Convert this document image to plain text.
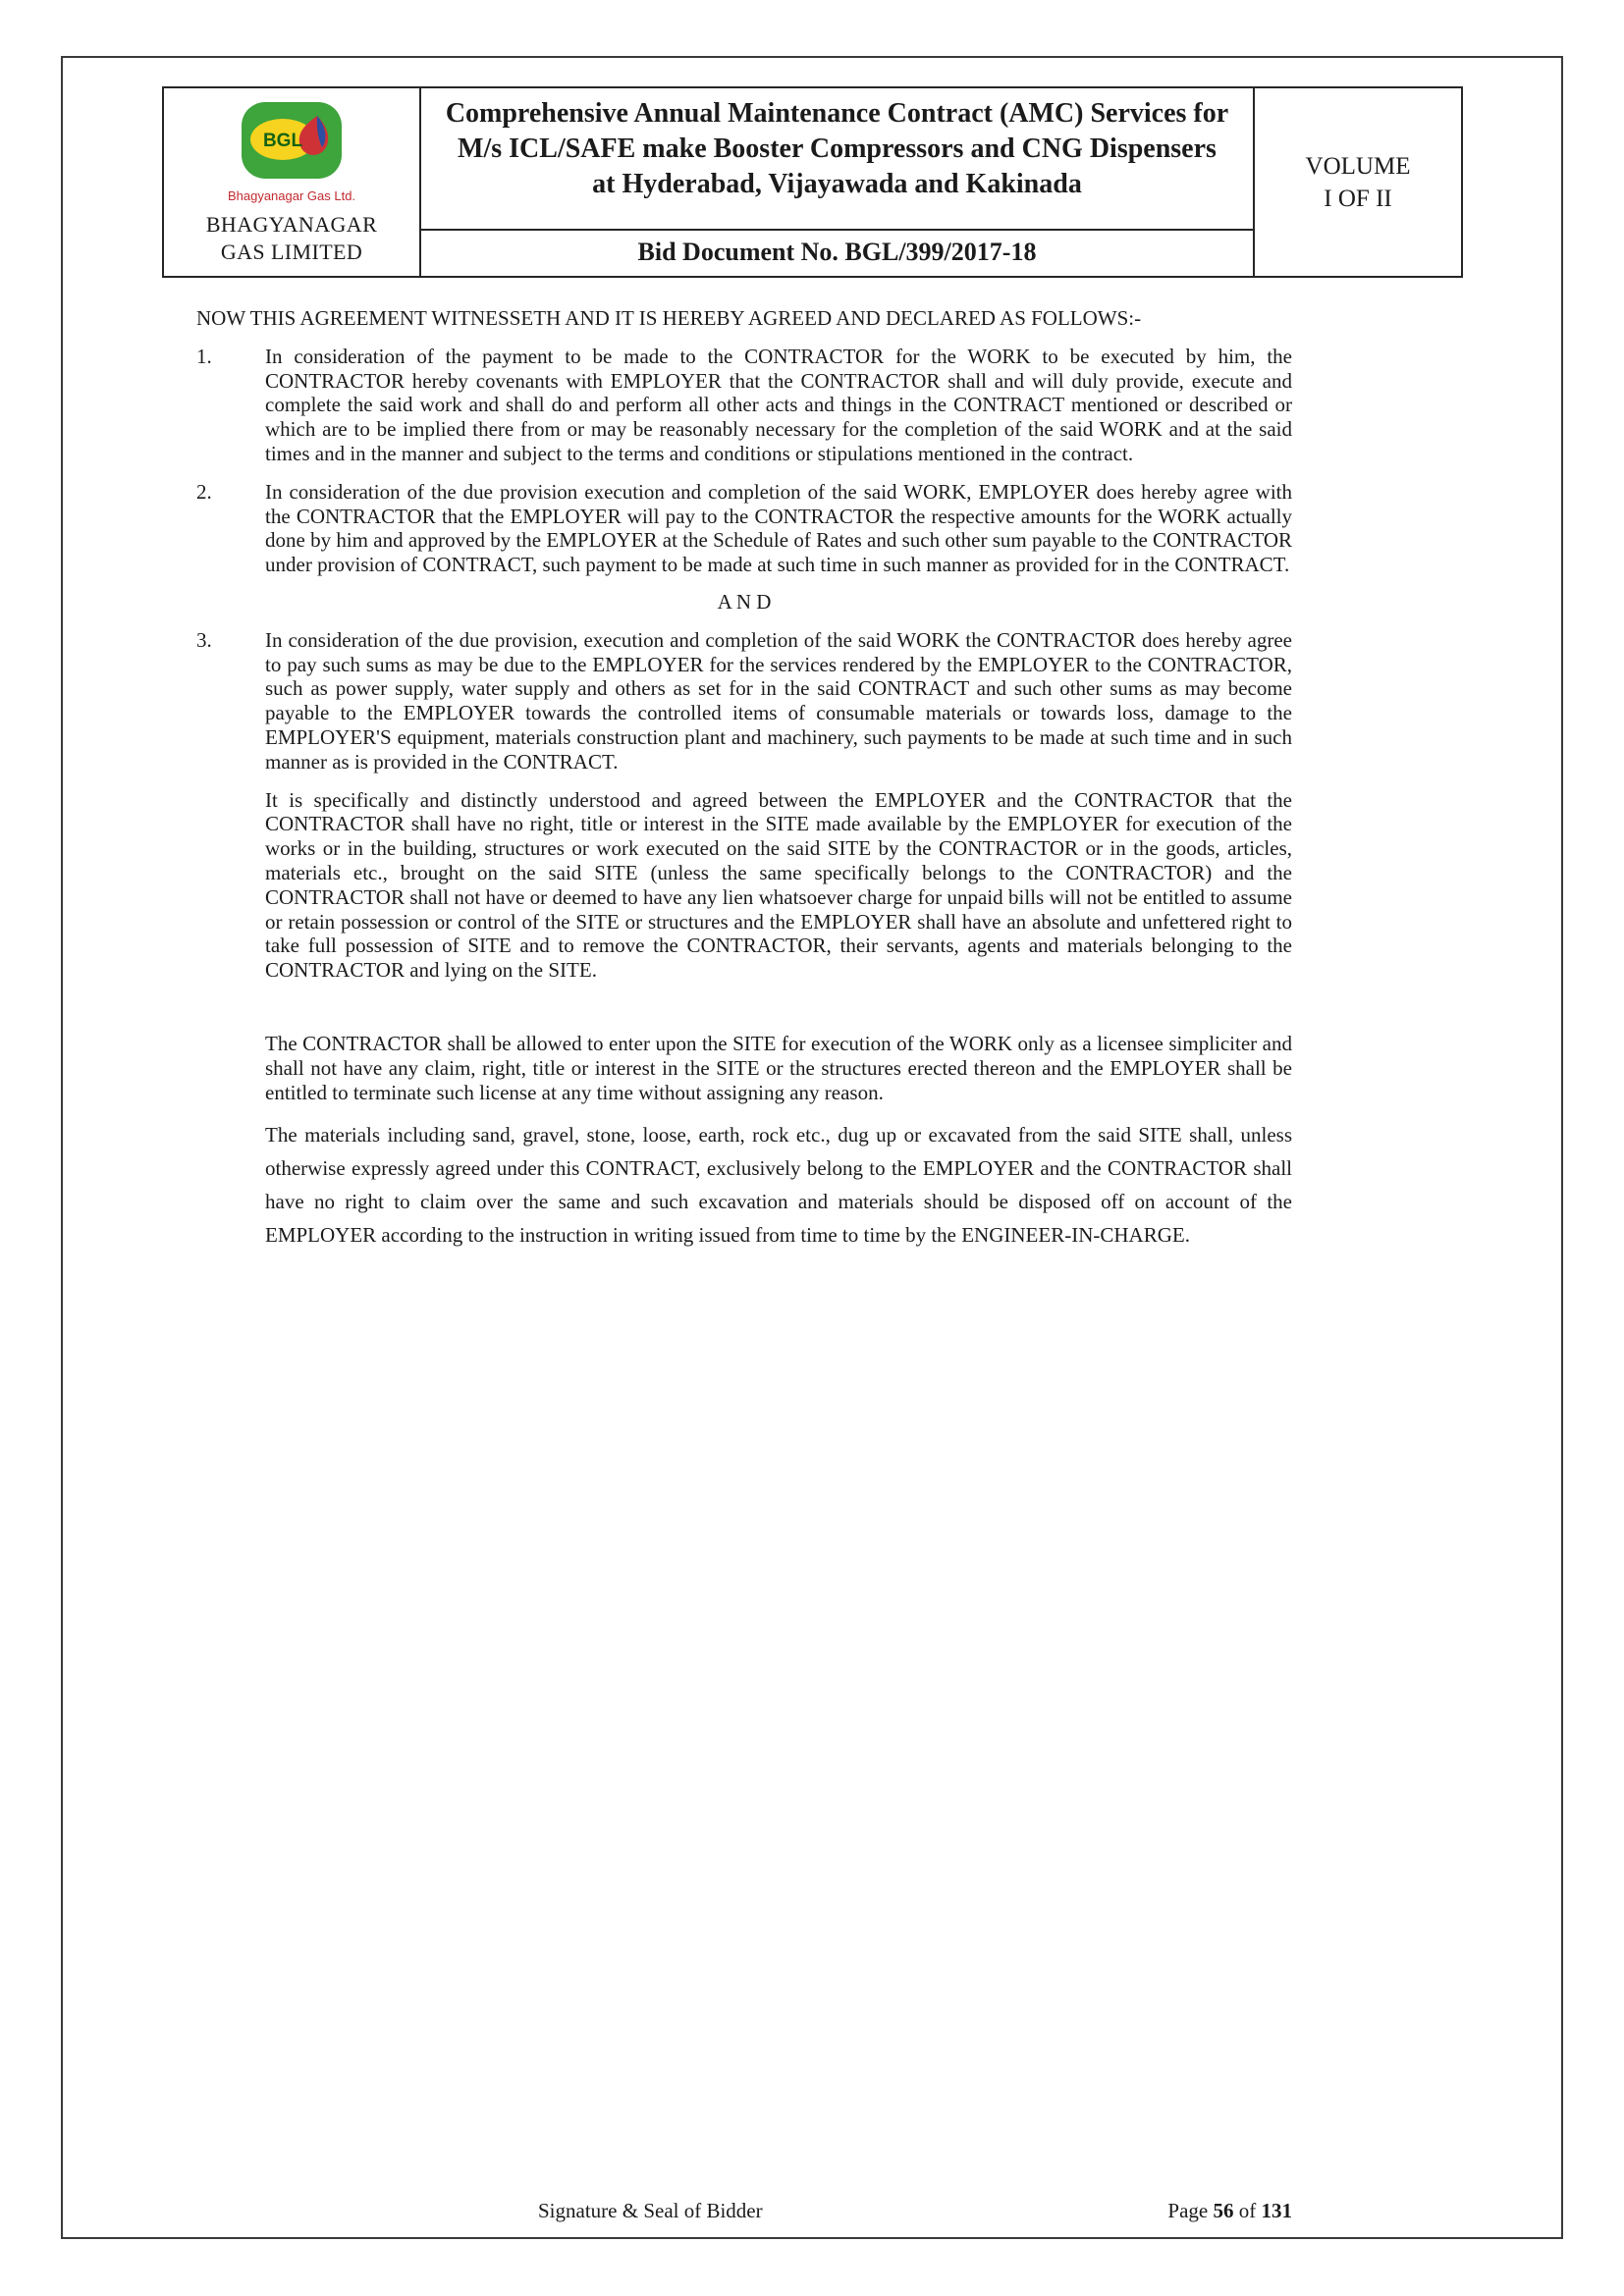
BGL
Bhagyanagar Gas Ltd.
BHAGYANAGAR
GAS LIMITED
Comprehensive Annual Maintenance Contract (AMC) Services for M/s ICL/SAFE make Booster Compressors and CNG Dispensers at Hyderabad, Vijayawada and Kakinada
Bid Document No. BGL/399/2017-18
VOLUME
I OF II

NOW THIS AGREEMENT WITNESSETH AND IT IS HEREBY AGREED AND DECLARED AS FOLLOWS:-

1.	In consideration of the payment to be made to the CONTRACTOR for the WORK to be executed by him, the CONTRACTOR hereby covenants with EMPLOYER that the CONTRACTOR shall and will duly provide, execute and complete the said work and shall do and perform all other acts and things in the CONTRACT mentioned or described or which are to be implied there from or may be reasonably necessary for the completion of the said WORK and at the said times and in the manner and subject to the terms and conditions or stipulations mentioned in the contract.
2.	In consideration of the due provision execution and completion of the said WORK, EMPLOYER does hereby agree with the CONTRACTOR that the EMPLOYER will pay to the CONTRACTOR the respective amounts for the WORK actually done by him and approved by the EMPLOYER at the Schedule of Rates and such other sum payable to the CONTRACTOR under provision of CONTRACT, such payment to be made at such time in such manner as provided for in the CONTRACT.

A N D

3.	In consideration of the due provision, execution and completion of the said WORK the CONTRACTOR does hereby agree to pay such sums as may be due to the EMPLOYER for the services rendered by the EMPLOYER to the CONTRACTOR, such as power supply, water supply and others as set for in the said CONTRACT and such other sums as may become payable to the EMPLOYER towards the controlled items of consumable materials or towards loss, damage to the EMPLOYER'S equipment, materials construction plant and machinery, such payments to be made at such time and in such manner as is provided in the CONTRACT.

It is specifically and distinctly understood and agreed between the EMPLOYER and the CONTRACTOR that the CONTRACTOR shall have no right, title or interest in the SITE made available by the EMPLOYER for execution of the works or in the building, structures or work executed on the said SITE by the CONTRACTOR or in the goods, articles, materials etc., brought on the said SITE (unless the same specifically belongs to the CONTRACTOR) and the CONTRACTOR shall not have or deemed to have any lien whatsoever charge for unpaid bills will not be entitled to assume or retain possession or control of the SITE or structures and the EMPLOYER shall have an absolute and unfettered right to take full possession of SITE and to remove the CONTRACTOR, their servants, agents and materials belonging to the CONTRACTOR and lying on the SITE.

The CONTRACTOR shall be allowed to enter upon the SITE for execution of the WORK only as a licensee simpliciter and shall not have any claim, right, title or interest in the SITE or the structures erected thereon and the EMPLOYER shall be entitled to terminate such license at any time without assigning any reason.

The materials including sand, gravel, stone, loose, earth, rock etc., dug up or excavated from the said SITE shall, unless otherwise expressly agreed under this CONTRACT, exclusively belong to the EMPLOYER and the CONTRACTOR shall have no right to claim over the same and such excavation and materials should be disposed off on account of the EMPLOYER according to the instruction in writing issued from time to time by the ENGINEER-IN-CHARGE.

Signature & Seal of Bidder	Page 56 of 131
